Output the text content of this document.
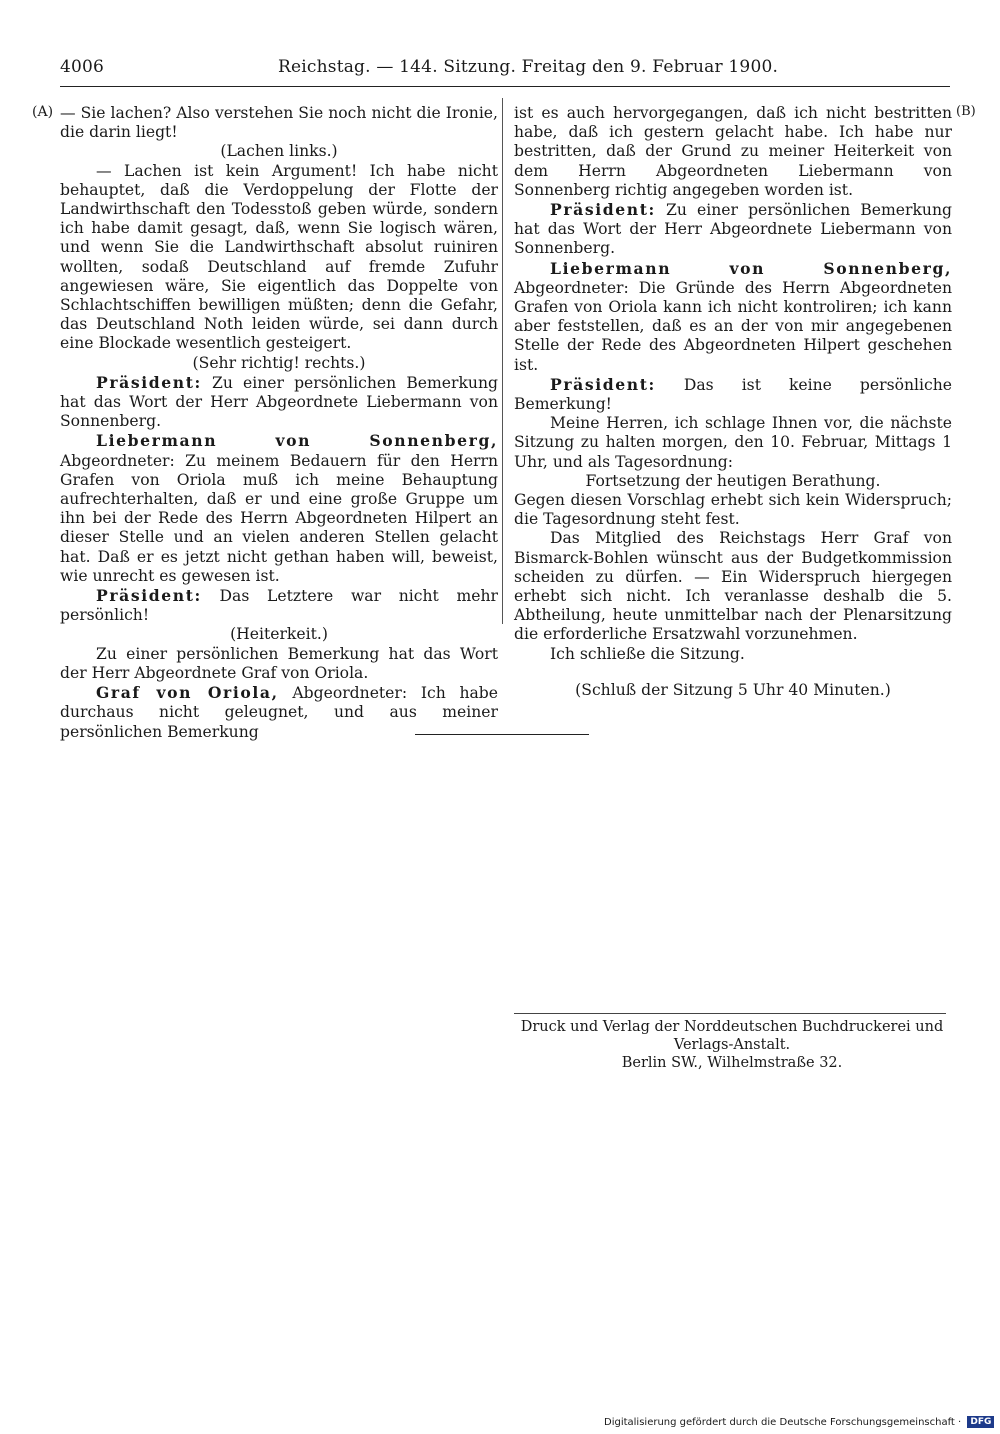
4006	Reichstag. — 144. Sitzung. Freitag den 9. Februar 1900.
(A)	(B)

— Sie lachen? Also verstehen Sie noch nicht die Ironie, die darin liegt!

(Lachen links.)

— Lachen ist kein Argument! Ich habe nicht behauptet, daß die Verdoppelung der Flotte der Landwirthschaft den Todesstoß geben würde, sondern ich habe damit gesagt, daß, wenn Sie logisch wären, und wenn Sie die Landwirthschaft absolut ruiniren wollten, sodaß Deutschland auf fremde Zufuhr angewiesen wäre, Sie eigentlich das Doppelte von Schlachtschiffen bewilligen müßten; denn die Gefahr, das Deutschland Noth leiden würde, sei dann durch eine Blockade wesentlich gesteigert.

(Sehr richtig! rechts.)

Präsident: Zu einer persönlichen Bemerkung hat das Wort der Herr Abgeordnete Liebermann von Sonnenberg.

Liebermann von Sonnenberg, Abgeordneter: Zu meinem Bedauern für den Herrn Grafen von Oriola muß ich meine Behauptung aufrechterhalten, daß er und eine große Gruppe um ihn bei der Rede des Herrn Abgeordneten Hilpert an dieser Stelle und an vielen anderen Stellen gelacht hat. Daß er es jetzt nicht gethan haben will, beweist, wie unrecht es gewesen ist.

Präsident: Das Letztere war nicht mehr persönlich!

(Heiterkeit.)

Zu einer persönlichen Bemerkung hat das Wort der Herr Abgeordnete Graf von Oriola.

Graf von Oriola, Abgeordneter: Ich habe durchaus nicht geleugnet, und aus meiner persönlichen Bemerkung

ist es auch hervorgegangen, daß ich nicht bestritten habe, daß ich gestern gelacht habe. Ich habe nur bestritten, daß der Grund zu meiner Heiterkeit von dem Herrn Abgeordneten Liebermann von Sonnenberg richtig angegeben worden ist.

Präsident: Zu einer persönlichen Bemerkung hat das Wort der Herr Abgeordnete Liebermann von Sonnenberg.

Liebermann von Sonnenberg, Abgeordneter: Die Gründe des Herrn Abgeordneten Grafen von Oriola kann ich nicht kontroliren; ich kann aber feststellen, daß es an der von mir angegebenen Stelle der Rede des Abgeordneten Hilpert geschehen ist.

Präsident: Das ist keine persönliche Bemerkung!

Meine Herren, ich schlage Ihnen vor, die nächste Sitzung zu halten morgen, den 10. Februar, Mittags 1 Uhr, und als Tagesordnung:

Fortsetzung der heutigen Berathung.

Gegen diesen Vorschlag erhebt sich kein Widerspruch; die Tagesordnung steht fest.

Das Mitglied des Reichstags Herr Graf von Bismarck-Bohlen wünscht aus der Budgetkommission scheiden zu dürfen. — Ein Widerspruch hiergegen erhebt sich nicht. Ich veranlasse deshalb die 5. Abtheilung, heute unmittelbar nach der Plenarsitzung die erforderliche Ersatzwahl vorzunehmen.

Ich schließe die Sitzung.

(Schluß der Sitzung 5 Uhr 40 Minuten.)

Druck und Verlag der Norddeutschen Buchdruckerei und Verlags-Anstalt.
Berlin SW., Wilhelmstraße 32.
Digitalisierung gefördert durch die Deutsche Forschungsgemeinschaft · DFG
